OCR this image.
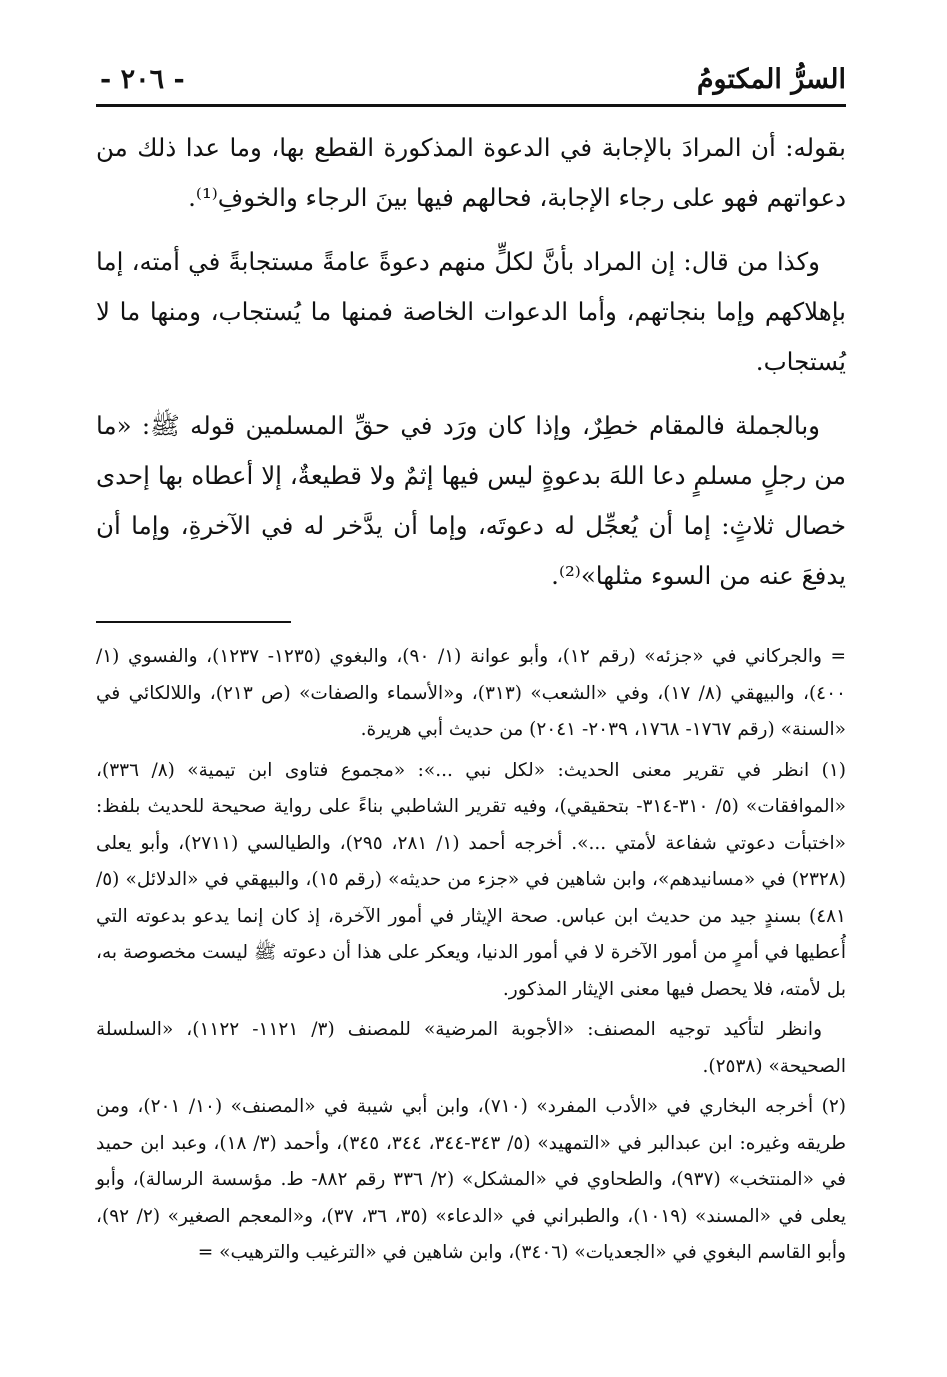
السرُّ المكتومُ
- ٢٠٦ -

بقوله: أن المرادَ بالإجابة في الدعوة المذكورة القطع بها، وما عدا ذلك من دعواتهم فهو على رجاء الإجابة، فحالهم فيها بينَ الرجاء والخوفِ⁽¹⁾.

وكذا من قال: إن المراد بأنَّ لكلٍّ منهم دعوةً عامةً مستجابةً في أمته، إما بإهلاكهم وإما بنجاتهم، وأما الدعوات الخاصة فمنها ما يُستجاب، ومنها ما لا يُستجاب.

وبالجملة فالمقام خطِرٌ، وإذا كان ورَد في حقِّ المسلمين قوله ﷺ: «ما من رجلٍ مسلمٍ دعا اللهَ بدعوةٍ ليس فيها إثمٌ ولا قطيعةٌ، إلا أعطاه بها إحدى خصال ثلاثٍ: إما أن يُعجِّل له دعوتَه، وإما أن يدَّخر له في الآخرةِ، وإما أن يدفعَ عنه من السوء مثلها»⁽²⁾.

= والجركاني في «جزئه» (رقم ١٢)، وأبو عوانة (١/ ٩٠)، والبغوي (١٢٣٥- ١٢٣٧)، والفسوي (١/ ٤٠٠)، والبيهقي (٨/ ١٧)، وفي «الشعب» (٣١٣)، و«الأسماء والصفات» (ص ٢١٣)، واللالكائي في «السنة» (رقم ١٧٦٧- ١٧٦٨، ٢٠٣٩- ٢٠٤١) من حديث أبي هريرة.

(١) انظر في تقرير معنى الحديث: «لكل نبي ...»: «مجموع فتاوى ابن تيمية» (٨/ ٣٣٦)، «الموافقات» (٥/ ٣١٠-٣١٤- بتحقيقي)، وفيه تقرير الشاطبي بناءً على رواية صحيحة للحديث بلفظ: «اختبأت دعوتي شفاعة لأمتي ...». أخرجه أحمد (١/ ٢٨١، ٢٩٥)، والطيالسي (٢٧١١)، وأبو يعلى (٢٣٢٨) في «مسانيدهم»، وابن شاهين في «جزء من حديثه» (رقم ١٥)، والبيهقي في «الدلائل» (٥/ ٤٨١) بسندٍ جيد من حديث ابن عباس. صحة الإيثار في أمور الآخرة، إذ كان إنما يدعو بدعوته التي أُعطيها في أمرٍ من أمور الآخرة لا في أمور الدنيا، ويعكر على هذا أن دعوته ﷺ ليست مخصوصة به، بل لأمته، فلا يحصل فيها معنى الإيثار المذكور.

وانظر لتأكيد توجيه المصنف: «الأجوبة المرضية» للمصنف (٣/ ١١٢١- ١١٢٢)، «السلسلة الصحيحة» (٢٥٣٨).

(٢) أخرجه البخاري في «الأدب المفرد» (٧١٠)، وابن أبي شيبة في «المصنف» (١٠/ ٢٠١)، ومن طريقه وغيره: ابن عبدالبر في «التمهيد» (٥/ ٣٤٣-٣٤٤، ٣٤٤، ٣٤٥)، وأحمد (٣/ ١٨)، وعبد ابن حميد في «المنتخب» (٩٣٧)، والطحاوي في «المشكل» (٢/ ٣٣٦ رقم ٨٨٢- ط. مؤسسة الرسالة)، وأبو يعلى في «المسند» (١٠١٩)، والطبراني في «الدعاء» (٣٥، ٣٦، ٣٧)، و«المعجم الصغير» (٢/ ٩٢)، وأبو القاسم البغوي في «الجعديات» (٣٤٠٦)، وابن شاهين في «الترغيب والترهيب» =
